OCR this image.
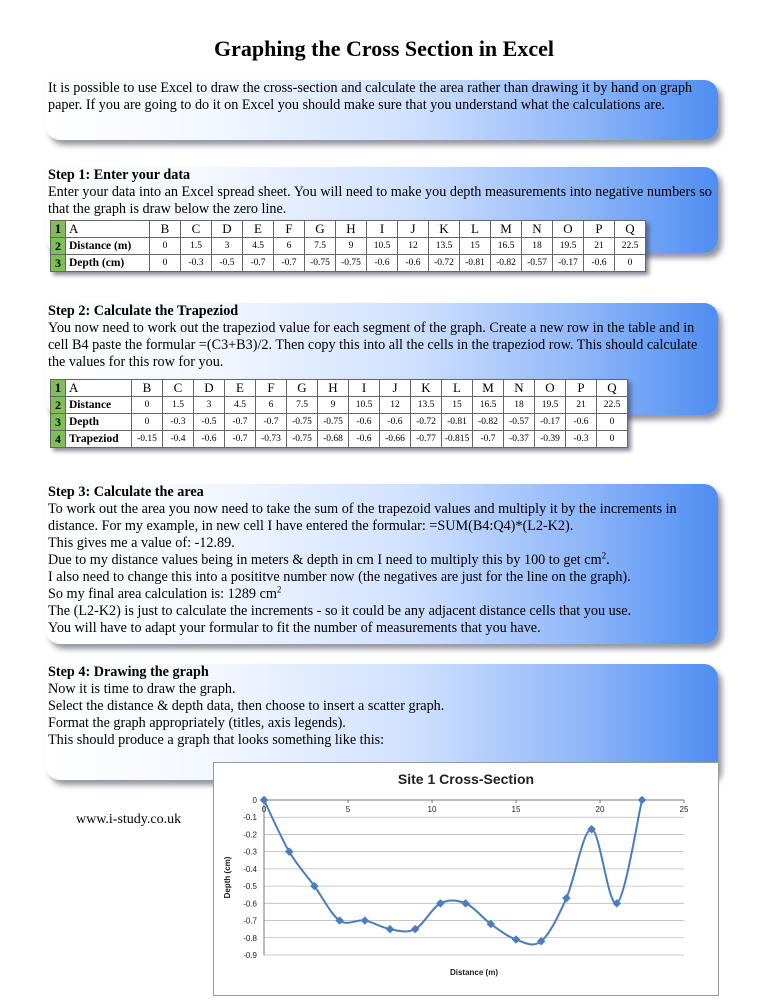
Graphing the Cross Section in Excel

It is possible to use Excel to draw the cross-section and calculate the area rather than drawing it by hand on graph paper. If you are going to do it on Excel you should make sure that you understand what the calculations are.

Step 1: Enter your data

Enter your data into an Excel spread sheet. You will need to make you depth measurements into negative numbers so that the graph is draw below the zero line.

1	A	B	C	D	E	F	G	H	I	J	K	L	M	N	O	P	Q
2	Distance (m)	0	1.5	3	4.5	6	7.5	9	10.5	12	13.5	15	16.5	18	19.5	21	22.5
3	Depth (cm)	0	-0.3	-0.5	-0.7	-0.7	-0.75	-0.75	-0.6	-0.6	-0.72	-0.81	-0.82	-0.57	-0.17	-0.6	0

Step 2: Calculate the Trapeziod

You now need to work out the trapeziod value for each segment of the graph. Create a new row in the table and in cell B4 paste the formular =(C3+B3)/2. Then copy this into all the cells in the trapeziod row. This should calculate the values for this row for you.

1	A	B	C	D	E	F	G	H	I	J	K	L	M	N	O	P	Q
2	Distance	0	1.5	3	4.5	6	7.5	9	10.5	12	13.5	15	16.5	18	19.5	21	22.5
3	Depth	0	-0.3	-0.5	-0.7	-0.7	-0.75	-0.75	-0.6	-0.6	-0.72	-0.81	-0.82	-0.57	-0.17	-0.6	0
4	Trapeziod	-0.15	-0.4	-0.6	-0.7	-0.73	-0.75	-0.68	-0.6	-0.66	-0.77	-0.815	-0.7	-0.37	-0.39	-0.3	0

Step 3: Calculate the area

To work out the area you now need to take the sum of the trapezoid values and multiply it by the increments in distance. For my example, in new cell I have entered the formular: =SUM(B4:Q4)*(L2-K2).

This gives me a value of: -12.89.

Due to my distance values being in meters & depth in cm I need to multiply this by 100 to get $cm^2$.

I also need to change this into a posititve number now (the negatives are just for the line on the graph).

So my final area calculation is: 1289 $cm^2$

The (L2-K2) is just to calculate the increments - so it could be any adjacent distance cells that you use.

You will have to adapt your formular to fit the number of measurements that you have.

Step 4: Drawing the graph

Now it is time to draw the graph.

Select the distance & depth data, then choose to insert a scatter graph.

Format the graph appropriately (titles, axis legends).

This should produce a graph that looks something like this:

www.i-study.co.uk
Site 1 Cross-Section
0
-0.1
-0.2
-0.3
-0.4
-0.5
-0.6
-0.7
-0.8
-0.9
0	5	10	15	20	25
Distance (m)
Depth (cm)
